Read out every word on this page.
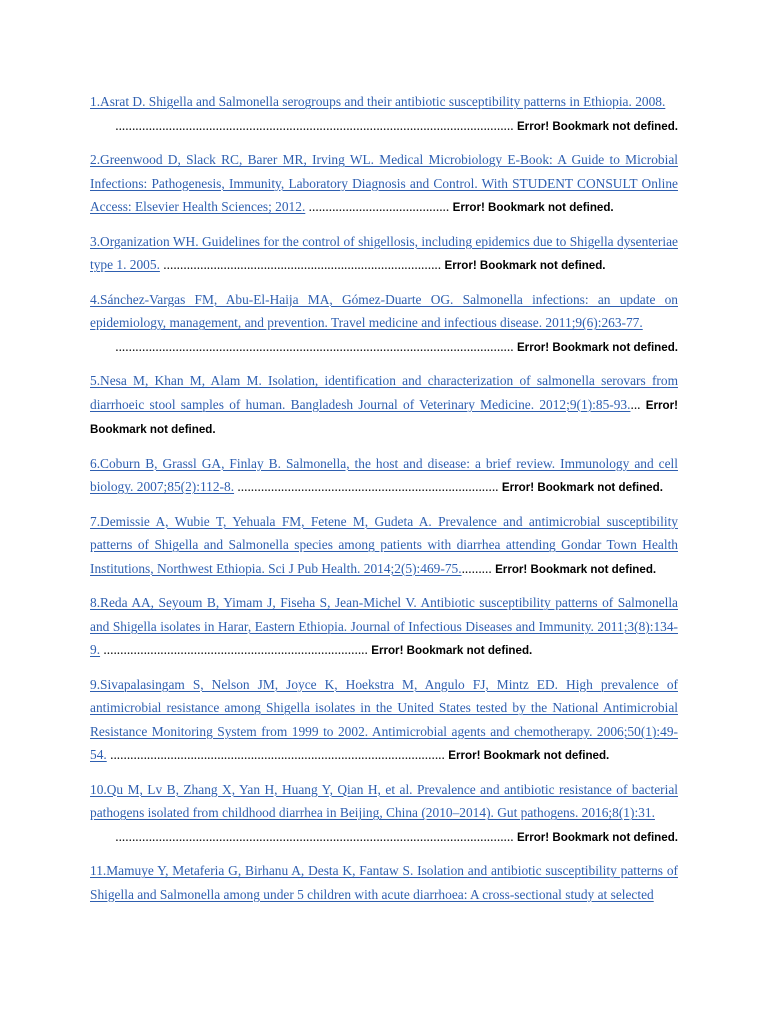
1.Asrat D. Shigella and Salmonella serogroups and their antibiotic susceptibility patterns in Ethiopia. 2008.
....................................................................................................................... Error! Bookmark not defined.

2.Greenwood D, Slack RC, Barer MR, Irving WL. Medical Microbiology E-Book: A Guide to Microbial Infections: Pathogenesis, Immunity, Laboratory Diagnosis and Control. With STUDENT CONSULT Online Access: Elsevier Health Sciences; 2012. .......................................... Error! Bookmark not defined.

3.Organization WH. Guidelines for the control of shigellosis, including epidemics due to Shigella dysenteriae type 1. 2005. ................................................................................... Error! Bookmark not defined.

4.Sánchez-Vargas FM, Abu-El-Haija MA, Gómez-Duarte OG. Salmonella infections: an update on epidemiology, management, and prevention. Travel medicine and infectious disease. 2011;9(6):263-77.
....................................................................................................................... Error! Bookmark not defined.

5.Nesa M, Khan M, Alam M. Isolation, identification and characterization of salmonella serovars from diarrhoeic stool samples of human. Bangladesh Journal of Veterinary Medicine. 2012;9(1):85-93.... Error! Bookmark not defined.

6.Coburn B, Grassl GA, Finlay B. Salmonella, the host and disease: a brief review. Immunology and cell biology. 2007;85(2):112-8. .............................................................................. Error! Bookmark not defined.

7.Demissie A, Wubie T, Yehuala FM, Fetene M, Gudeta A. Prevalence and antimicrobial susceptibility patterns of Shigella and Salmonella species among patients with diarrhea attending Gondar Town Health Institutions, Northwest Ethiopia. Sci J Pub Health. 2014;2(5):469-75.......... Error! Bookmark not defined.

8.Reda AA, Seyoum B, Yimam J, Fiseha S, Jean-Michel V. Antibiotic susceptibility patterns of Salmonella and Shigella isolates in Harar, Eastern Ethiopia. Journal of Infectious Diseases and Immunity. 2011;3(8):134-9. ............................................................................... Error! Bookmark not defined.

9.Sivapalasingam S, Nelson JM, Joyce K, Hoekstra M, Angulo FJ, Mintz ED. High prevalence of antimicrobial resistance among Shigella isolates in the United States tested by the National Antimicrobial Resistance Monitoring System from 1999 to 2002. Antimicrobial agents and chemotherapy. 2006;50(1):49-54. .................................................................................................... Error! Bookmark not defined.

10.Qu M, Lv B, Zhang X, Yan H, Huang Y, Qian H, et al. Prevalence and antibiotic resistance of bacterial pathogens isolated from childhood diarrhea in Beijing, China (2010–2014). Gut pathogens. 2016;8(1):31.
....................................................................................................................... Error! Bookmark not defined.

11.Mamuye Y, Metaferia G, Birhanu A, Desta K, Fantaw S. Isolation and antibiotic susceptibility patterns of Shigella and Salmonella among under 5 children with acute diarrhoea: A cross-sectional study at selected
